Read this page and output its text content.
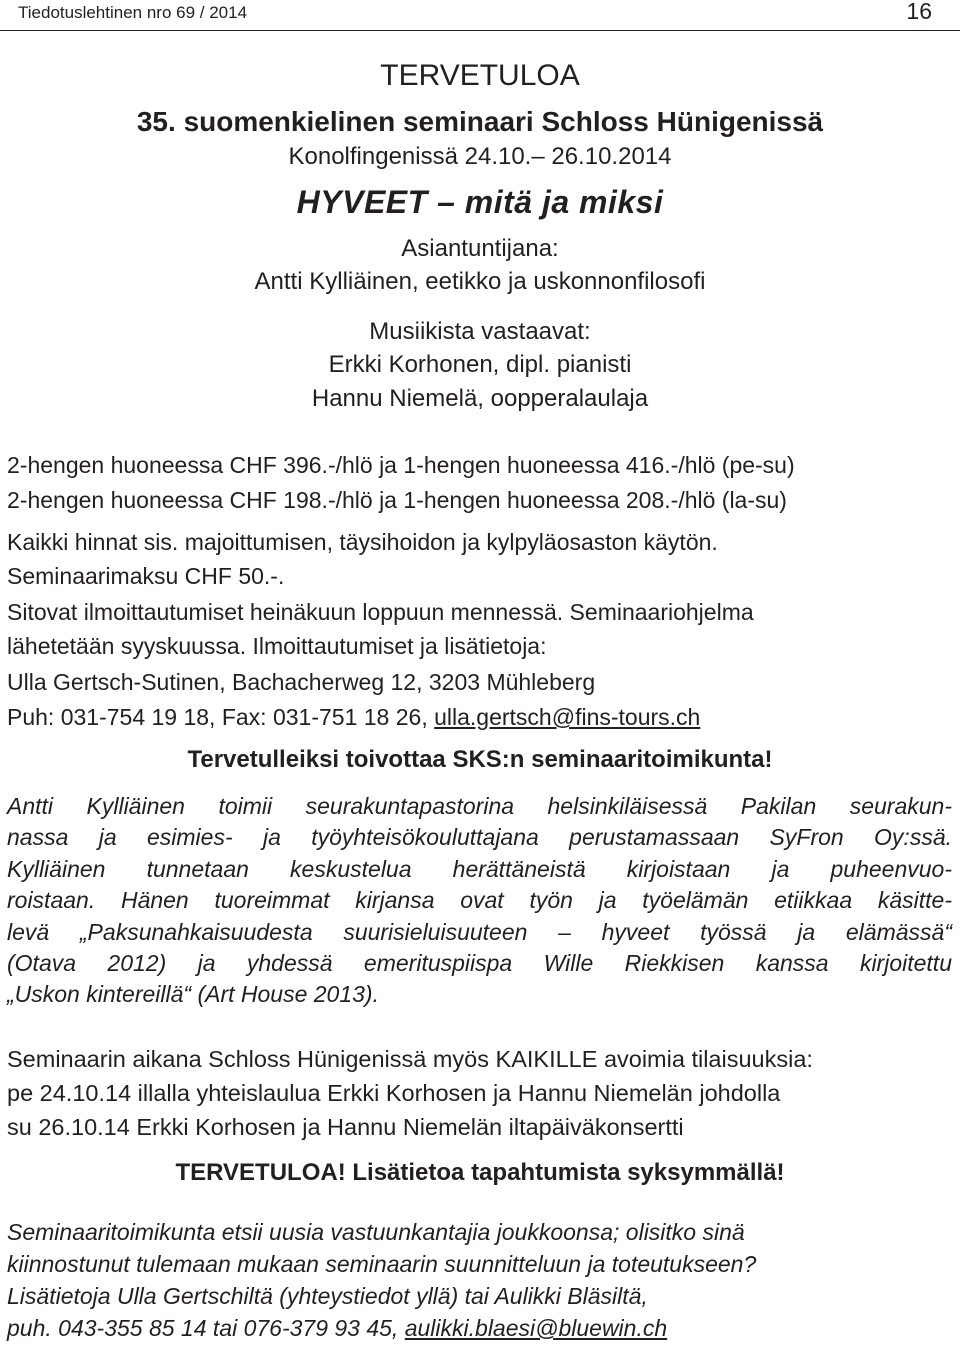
Tiedotuslehtinen nro 69 / 2014	16
TERVETULOA
35. suomenkielinen seminaari Schloss Hünigenissä
Konolfingenissä 24.10.– 26.10.2014
HYVEET – mitä ja miksi
Asiantuntijana:
Antti Kylliäinen, eetikko ja uskonnonfilosofi
Musiikista vastaavat:
Erkki Korhonen, dipl. pianisti
Hannu Niemelä, oopperalaulaja
2-hengen huoneessa CHF 396.-/hlö ja 1-hengen huoneessa 416.-/hlö (pe-su)
2-hengen huoneessa CHF 198.-/hlö ja 1-hengen huoneessa 208.-/hlö (la-su)
Kaikki hinnat sis. majoittumisen, täysihoidon ja kylpyläosaston käytön.
Seminaarimaksu CHF 50.-.
Sitovat ilmoittautumiset heinäkuun loppuun mennessä. Seminaariohjelma
lähetetään syyskuussa. Ilmoittautumiset ja lisätietoja:
Ulla Gertsch-Sutinen, Bachacherweg 12, 3203 Mühleberg
Puh: 031-754 19 18, Fax: 031-751 18 26, ulla.gertsch@fins-tours.ch
Tervetulleiksi toivottaa SKS:n seminaaritoimikunta!
Antti Kylliäinen toimii seurakuntapastorina helsinkiläisessä Pakilan seurakun-
nassa ja esimies- ja työyhteisökouluttajana perustamassaan SyFron Oy:ssä.
Kylliäinen tunnetaan keskustelua herättäneistä kirjoistaan ja puheenvuo-
roistaan. Hänen tuoreimmat kirjansa ovat työn ja työelämän etiikkaa käsitte-
levä „Paksunahkaisuudesta suurisieluisuuteen – hyveet työssä ja elämässä“
(Otava 2012) ja yhdessä emerituspiispa Wille Riekkisen kanssa kirjoitettu
„Uskon kintereillä“ (Art House 2013).
Seminaarin aikana Schloss Hünigenissä myös KAIKILLE avoimia tilaisuuksia:
pe 24.10.14 illalla yhteislaulua Erkki Korhosen ja Hannu Niemelän johdolla
su 26.10.14 Erkki Korhosen ja Hannu Niemelän iltapäiväkonsertti
TERVETULOA! Lisätietoa tapahtumista syksymmällä!
Seminaaritoimikunta etsii uusia vastuunkantajia joukkoonsa; olisitko sinä
kiinnostunut tulemaan mukaan seminaarin suunnitteluun ja toteutukseen?
Lisätietoja Ulla Gertschiltä (yhteystiedot yllä) tai Aulikki Bläsiltä,
puh. 043-355 85 14 tai 076-379 93 45, aulikki.blaesi@bluewin.ch
